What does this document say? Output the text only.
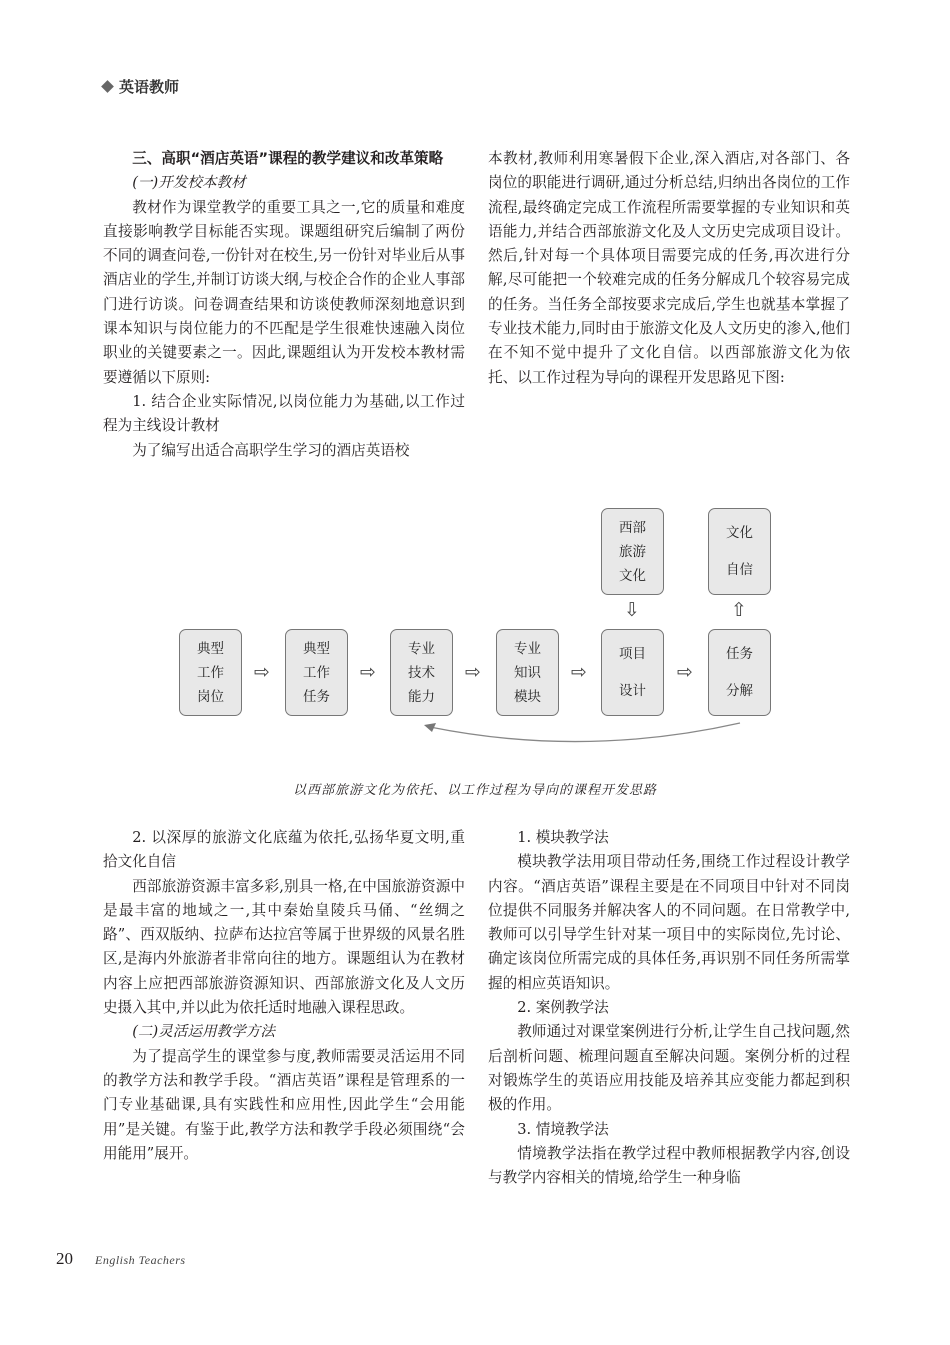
英语教师

三、高职“酒店英语”课程的教学建议和改革策略

(一)开发校本教材

教材作为课堂教学的重要工具之一,它的质量和难度直接影响教学目标能否实现。课题组研究后编制了两份不同的调查问卷,一份针对在校生,另一份针对毕业后从事酒店业的学生,并制订访谈大纲,与校企合作的企业人事部门进行访谈。问卷调查结果和访谈使教师深刻地意识到课本知识与岗位能力的不匹配是学生很难快速融入岗位职业的关键要素之一。因此,课题组认为开发校本教材需要遵循以下原则:

1. 结合企业实际情况,以岗位能力为基础,以工作过程为主线设计教材

为了编写出适合高职学生学习的酒店英语校

本教材,教师利用寒暑假下企业,深入酒店,对各部门、各岗位的职能进行调研,通过分析总结,归纳出各岗位的工作流程,最终确定完成工作流程所需要掌握的专业知识和英语能力,并结合西部旅游文化及人文历史完成项目设计。然后,针对每一个具体项目需要完成的任务,再次进行分解,尽可能把一个较难完成的任务分解成几个较容易完成的任务。当任务全部按要求完成后,学生也就基本掌握了专业技术能力,同时由于旅游文化及人文历史的渗入,他们在不知不觉中提升了文化自信。以西部旅游文化为依托、以工作过程为导向的课程开发思路见下图:

典型
工作
岗位
⇨
典型
工作
任务
⇨
专业
技术
能力
⇨
专业
知识
模块
⇨
项目
设计
⇨
任务
分解
西部
旅游
文化
文化
自信
⇩	⇧
以西部旅游文化为依托、以工作过程为导向的课程开发思路

2. 以深厚的旅游文化底蕴为依托,弘扬华夏文明,重拾文化自信

西部旅游资源丰富多彩,别具一格,在中国旅游资源中是最丰富的地域之一,其中秦始皇陵兵马俑、“丝绸之路”、西双版纳、拉萨布达拉宫等属于世界级的风景名胜区,是海内外旅游者非常向往的地方。课题组认为在教材内容上应把西部旅游资源知识、西部旅游文化及人文历史摄入其中,并以此为依托适时地融入课程思政。

(二)灵活运用教学方法

为了提高学生的课堂参与度,教师需要灵活运用不同的教学方法和教学手段。“酒店英语”课程是管理系的一门专业基础课,具有实践性和应用性,因此学生“会用能用”是关键。有鉴于此,教学方法和教学手段必须围绕“会用能用”展开。

1. 模块教学法

模块教学法用项目带动任务,围绕工作过程设计教学内容。“酒店英语”课程主要是在不同项目中针对不同岗位提供不同服务并解决客人的不同问题。在日常教学中,教师可以引导学生针对某一项目中的实际岗位,先讨论、确定该岗位所需完成的具体任务,再识别不同任务所需掌握的相应英语知识。

2. 案例教学法

教师通过对课堂案例进行分析,让学生自己找问题,然后剖析问题、梳理问题直至解决问题。案例分析的过程对锻炼学生的英语应用技能及培养其应变能力都起到积极的作用。

3. 情境教学法

情境教学法指在教学过程中教师根据教学内容,创设与教学内容相关的情境,给学生一种身临

20 English Teachers
